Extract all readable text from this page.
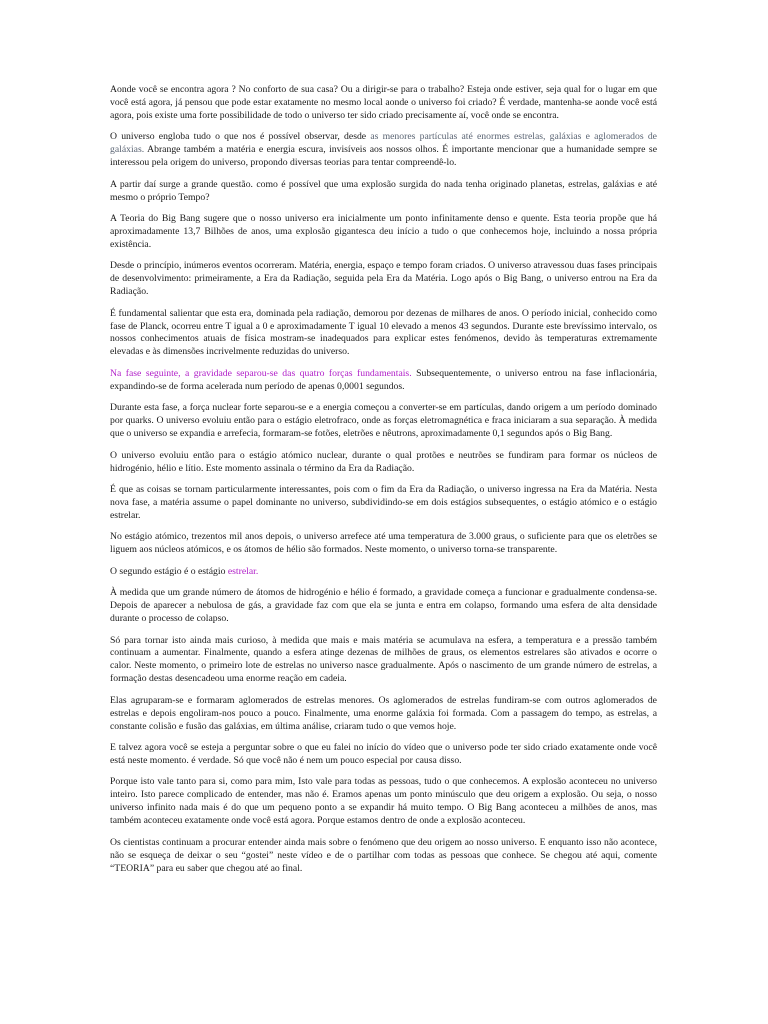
Aonde você se encontra agora ? No conforto de sua casa? Ou a dirigir-se para o trabalho? Esteja onde estiver, seja qual for o lugar em que você está agora, já pensou que pode estar exatamente no mesmo local aonde o universo foi criado? É verdade, mantenha-se aonde você está agora, pois existe uma forte possibilidade de todo o universo ter sido criado precisamente aí, você onde se encontra.

O universo engloba tudo o que nos é possível observar, desde as menores partículas até enormes estrelas, galáxias e aglomerados de galáxias. Abrange também a matéria e energia escura, invisíveis aos nossos olhos. É importante mencionar que a humanidade sempre se interessou pela origem do universo, propondo diversas teorias para tentar compreendê-lo.

A partir daí surge a grande questão. como é possível que uma explosão surgida do nada tenha originado planetas, estrelas, galáxias e até mesmo o próprio Tempo?

A Teoria do Big Bang sugere que o nosso universo era inicialmente um ponto infinitamente denso e quente. Esta teoria propõe que há aproximadamente 13,7 Bilhões de anos, uma explosão gigantesca deu início a tudo o que conhecemos hoje, incluindo a nossa própria existência.

Desde o princípio, inúmeros eventos ocorreram. Matéria, energia, espaço e tempo foram criados. O universo atravessou duas fases principais de desenvolvimento: primeiramente, a Era da Radiação, seguida pela Era da Matéria. Logo após o Big Bang, o universo entrou na Era da Radiação.

É fundamental salientar que esta era, dominada pela radiação, demorou por dezenas de milhares de anos. O período inicial, conhecido como fase de Planck, ocorreu entre T igual a 0 e aproximadamente T igual 10 elevado a menos 43 segundos. Durante este brevíssimo intervalo, os nossos conhecimentos atuais de física mostram-se inadequados para explicar estes fenómenos, devido às temperaturas extremamente elevadas e às dimensões incrivelmente reduzidas do universo.

Na fase seguinte, a gravidade separou-se das quatro forças fundamentais. Subsequentemente, o universo entrou na fase inflacionária, expandindo-se de forma acelerada num período de apenas 0,0001 segundos.

Durante esta fase, a força nuclear forte separou-se e a energia começou a converter-se em partículas, dando origem a um período dominado por quarks. O universo evoluiu então para o estágio eletrofraco, onde as forças eletromagnética e fraca iniciaram a sua separação. À medida que o universo se expandia e arrefecia, formaram-se fotões, eletrões e nêutrons, aproximadamente 0,1 segundos após o Big Bang.

O universo evoluiu então para o estágio atómico nuclear, durante o qual protões e neutrões se fundiram para formar os núcleos de hidrogénio, hélio e lítio. Este momento assinala o término da Era da Radiação.

É que as coisas se tornam particularmente interessantes, pois com o fim da Era da Radiação, o universo ingressa na Era da Matéria. Nesta nova fase, a matéria assume o papel dominante no universo, subdividindo-se em dois estágios subsequentes, o estágio atómico e o estágio estrelar.

No estágio atómico, trezentos mil anos depois, o universo arrefece até uma temperatura de 3.000 graus, o suficiente para que os eletrões se liguem aos núcleos atómicos, e os átomos de hélio são formados. Neste momento, o universo torna-se transparente.

O segundo estágio é o estágio estrelar.

À medida que um grande número de átomos de hidrogénio e hélio é formado, a gravidade começa a funcionar e gradualmente condensa-se. Depois de aparecer a nebulosa de gás, a gravidade faz com que ela se junta e entra em colapso, formando uma esfera de alta densidade durante o processo de colapso.

Só para tornar isto ainda mais curioso, à medida que mais e mais matéria se acumulava na esfera, a temperatura e a pressão também continuam a aumentar. Finalmente, quando a esfera atinge dezenas de milhões de graus, os elementos estrelares são ativados e ocorre o calor. Neste momento, o primeiro lote de estrelas no universo nasce gradualmente. Após o nascimento de um grande número de estrelas, a formação destas desencadeou uma enorme reação em cadeia.

Elas agruparam-se e formaram aglomerados de estrelas menores. Os aglomerados de estrelas fundiram-se com outros aglomerados de estrelas e depois engoliram-nos pouco a pouco. Finalmente, uma enorme galáxia foi formada. Com a passagem do tempo, as estrelas, a constante colisão e fusão das galáxias, em última análise, criaram tudo o que vemos hoje.

E talvez agora você se esteja a perguntar sobre o que eu falei no início do vídeo que o universo pode ter sido criado exatamente onde você está neste momento. é verdade. Só que você não é nem um pouco especial por causa disso.

Porque isto vale tanto para si, como para mim, Isto vale para todas as pessoas, tudo o que conhecemos. A explosão aconteceu no universo inteiro. Isto parece complicado de entender, mas não é. Eramos apenas um ponto minúsculo que deu origem a explosão. Ou seja, o nosso universo infinito nada mais é do que um pequeno ponto a se expandir há muito tempo. O Big Bang aconteceu a milhões de anos, mas também aconteceu exatamente onde você está agora. Porque estamos dentro de onde a explosão aconteceu.

Os cientistas continuam a procurar entender ainda mais sobre o fenómeno que deu origem ao nosso universo. E enquanto isso não acontece, não se esqueça de deixar o seu “gostei” neste vídeo e de o partilhar com todas as pessoas que conhece. Se chegou até aqui, comente “TEORIA” para eu saber que chegou até ao final.
